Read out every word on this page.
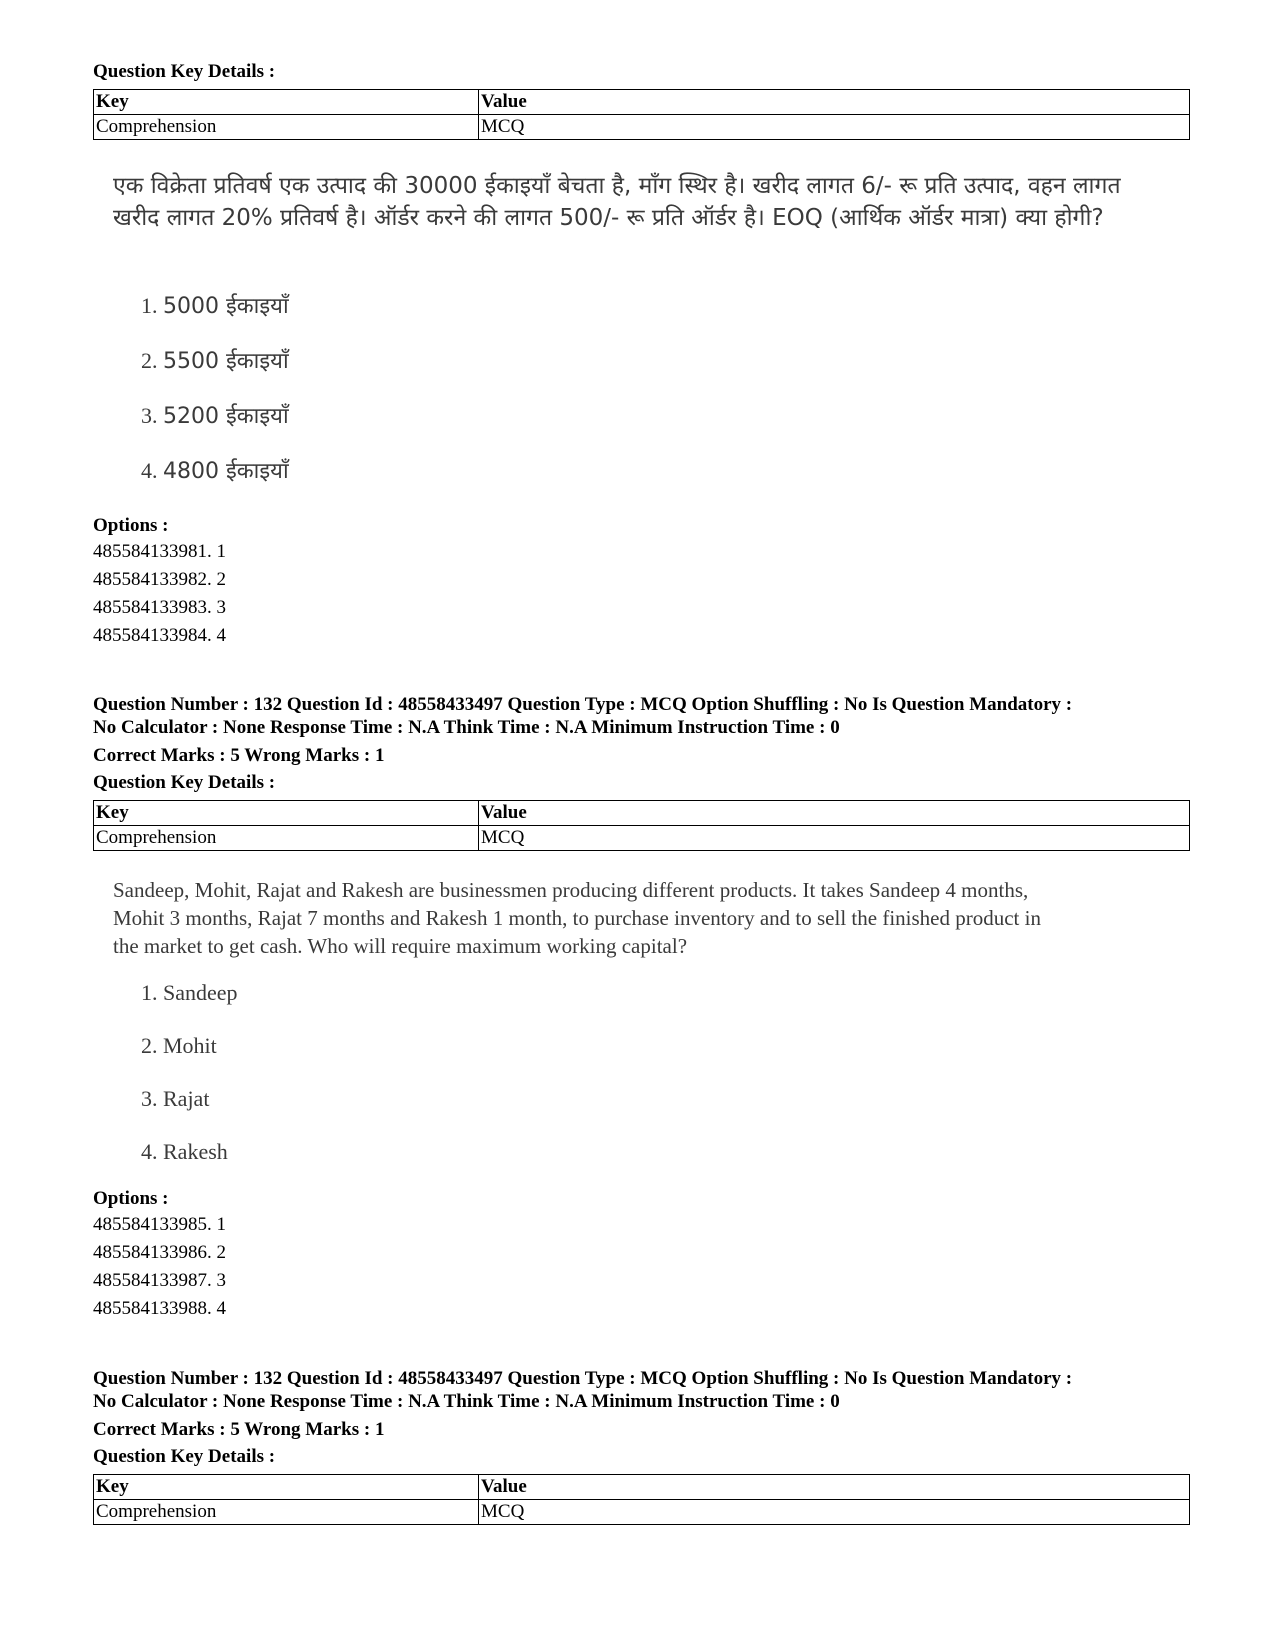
Question Key Details :
Key	Value
Comprehension	MCQ

एक विक्रेता प्रतिवर्ष एक उत्पाद की 30000 ईकाइयाँ बेचता है, माँग स्थिर है। खरीद लागत 6/- रू प्रति उत्पाद, वहन लागत खरीद लागत 20% प्रतिवर्ष है। ऑर्डर करने की लागत 500/- रू प्रति ऑर्डर है। EOQ (आर्थिक ऑर्डर मात्रा) क्या होगी?

1. 5000 ईकाइयाँ
2. 5500 ईकाइयाँ
3. 5200 ईकाइयाँ
4. 4800 ईकाइयाँ
Options :
485584133981. 1
485584133982. 2
485584133983. 3
485584133984. 4
Question Number : 132 Question Id : 48558433497 Question Type : MCQ Option Shuffling : No Is Question Mandatory :
No Calculator : None Response Time : N.A Think Time : N.A Minimum Instruction Time : 0
Correct Marks : 5 Wrong Marks : 1
Question Key Details :
Key	Value
Comprehension	MCQ
Sandeep, Mohit, Rajat and Rakesh are businessmen producing different products. It takes Sandeep 4 months,
Mohit 3 months, Rajat 7 months and Rakesh 1 month, to purchase inventory and to sell the finished product in
the market to get cash. Who will require maximum working capital?
1. Sandeep
2. Mohit
3. Rajat
4. Rakesh
Options :
485584133985. 1
485584133986. 2
485584133987. 3
485584133988. 4
Question Number : 132 Question Id : 48558433497 Question Type : MCQ Option Shuffling : No Is Question Mandatory :
No Calculator : None Response Time : N.A Think Time : N.A Minimum Instruction Time : 0
Correct Marks : 5 Wrong Marks : 1
Question Key Details :
Key	Value
Comprehension	MCQ
